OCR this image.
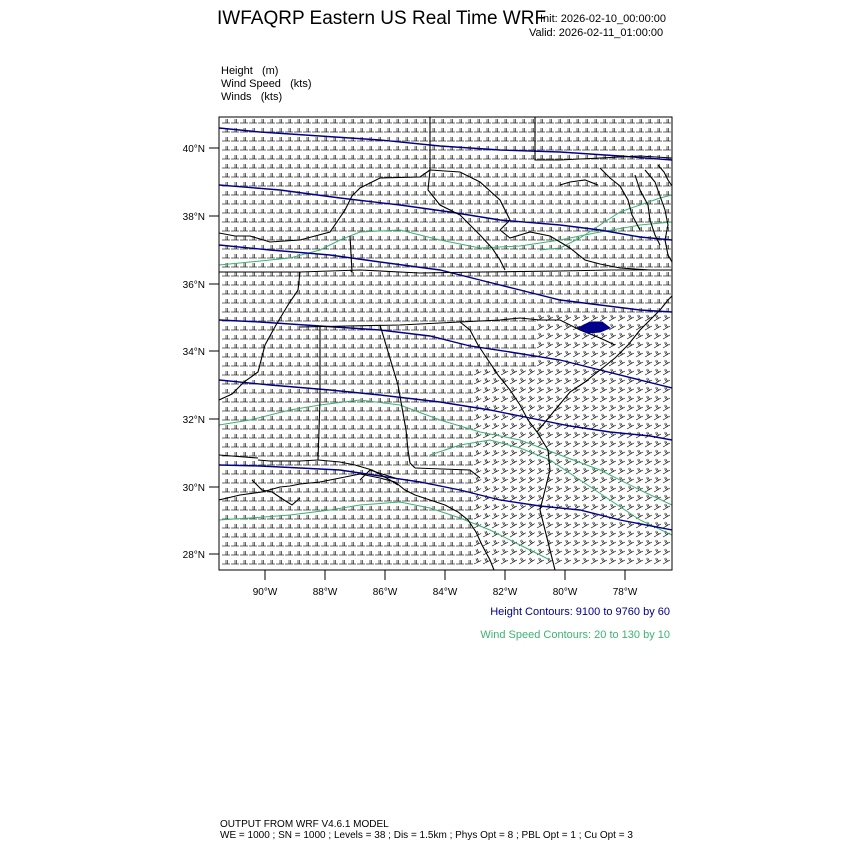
IWFAQRP Eastern US Real Time WRF
Init: 2026-02-10_00:00:00
Valid: 2026-02-11_01:00:00
Height (m)
Wind Speed (kts)
Winds (kts)
40°N
38°N
36°N
34°N
32°N
30°N
28°N
90°W	88°W	86°W	84°W	82°W	80°W	78°W
Height Contours: 9100 to 9760 by 60
Wind Speed Contours: 20 to 130 by 10
OUTPUT FROM WRF V4.6.1 MODEL
WE = 1000 ; SN = 1000 ; Levels = 38 ; Dis = 1.5km ; Phys Opt = 8 ; PBL Opt = 1 ; Cu Opt = 3
